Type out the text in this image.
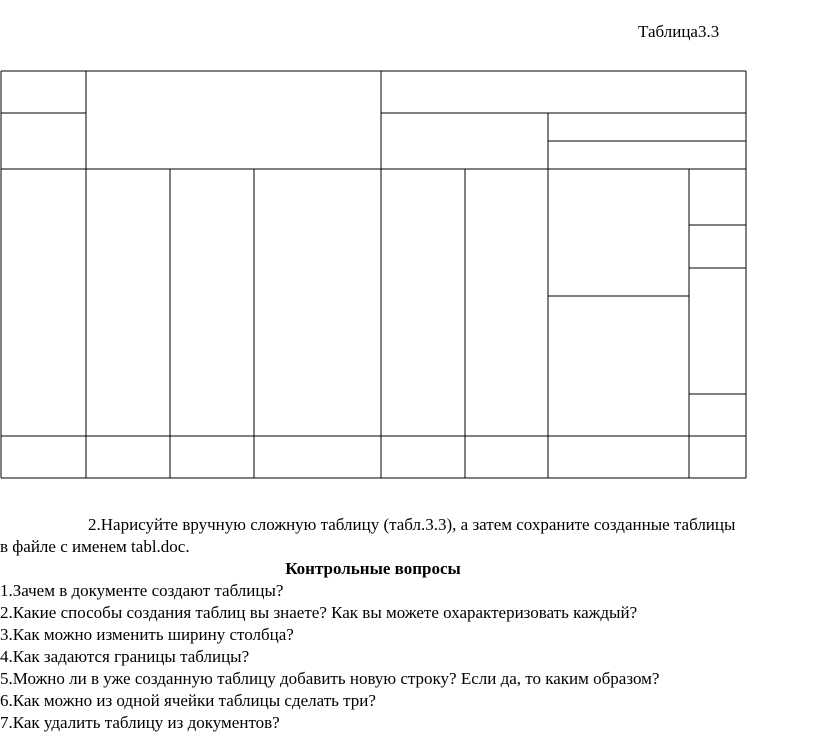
Таблица3.3
2.Нарисуйте вручную сложную таблицу (табл.3.3), а затем сохраните созданные таблицы в файле с именем tabl.doc.
Контрольные вопросы
1.Зачем в документе создают таблицы?
2.Какие способы создания таблиц вы знаете? Как вы можете охарактеризовать каждый?
3.Как можно изменить ширину столбца?
4.Как задаются границы таблицы?
5.Можно ли в уже созданную таблицу добавить новую строку? Если да, то каким образом?
6.Как можно из одной ячейки таблицы сделать три?
7.Как удалить таблицу из документов?
